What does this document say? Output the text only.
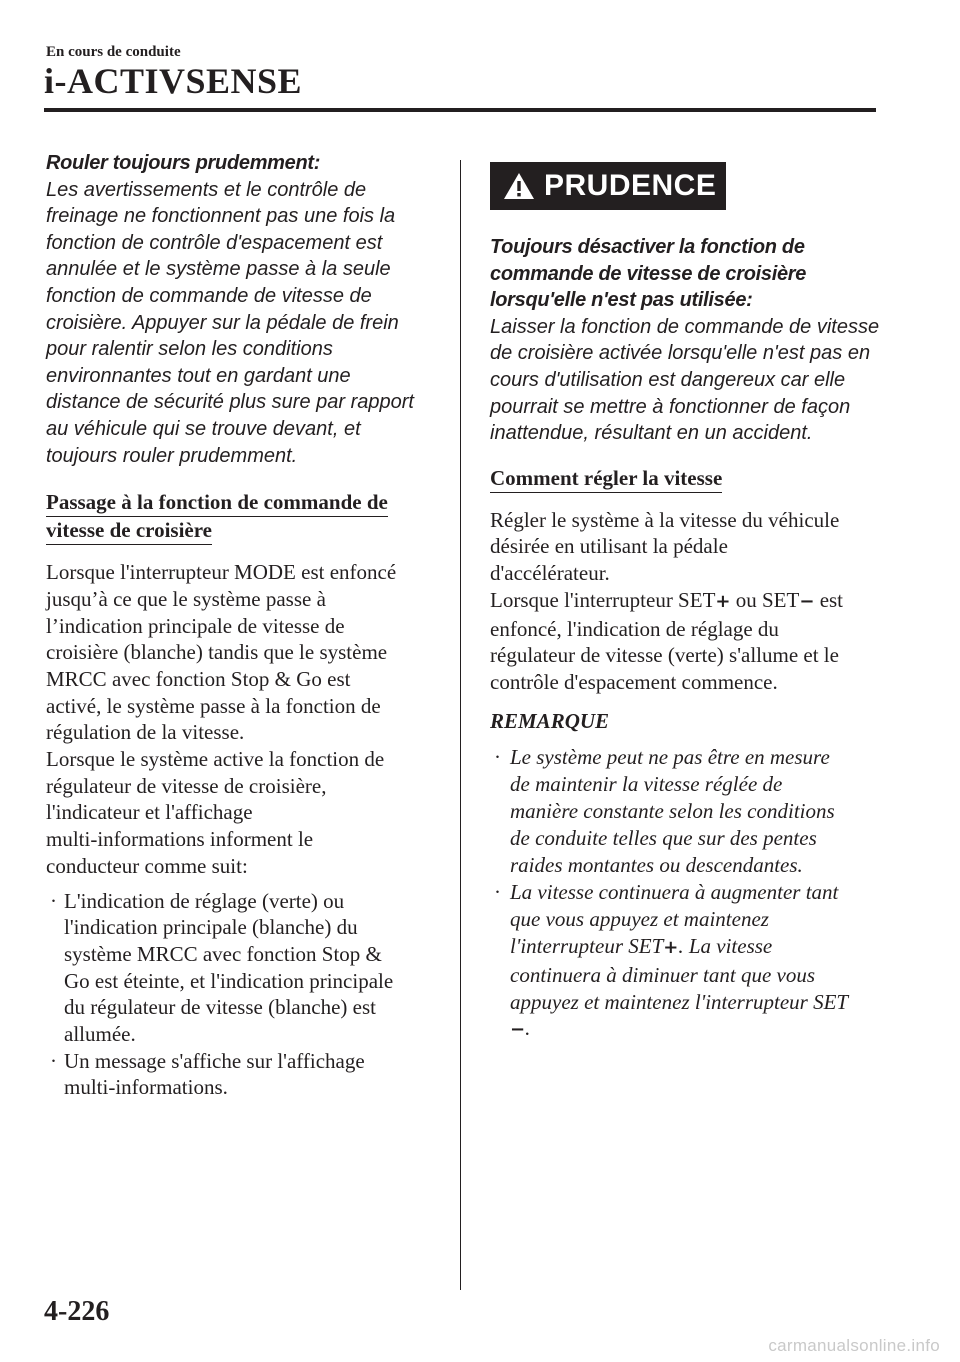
En cours de conduite
i-ACTIVSENSE

Rouler toujours prudemment:

Les avertissements et le contrôle de
freinage ne fonctionnent pas une fois la
fonction de contrôle d'espacement est
annulée et le système passe à la seule
fonction de commande de vitesse de
croisière. Appuyer sur la pédale de frein
pour ralentir selon les conditions
environnantes tout en gardant une
distance de sécurité plus sure par rapport
au véhicule qui se trouve devant, et
toujours rouler prudemment.

Passage à la fonction de commande de
vitesse de croisière

Lorsque l'interrupteur MODE est enfoncé
jusqu’à ce que le système passe à
l’indication principale de vitesse de
croisière (blanche) tandis que le système
MRCC avec fonction Stop & Go est
activé, le système passe à la fonction de
régulation de la vitesse.
Lorsque le système active la fonction de
régulateur de vitesse de croisière,
l'indicateur et l'affichage
multi-informations informent le
conducteur comme suit:

· L'indication de réglage (verte) ou
l'indication principale (blanche) du
système MRCC avec fonction Stop &
Go est éteinte, et l'indication principale
du régulateur de vitesse (blanche) est
allumée.
· Un message s'affiche sur l'affichage
multi-informations.
PRUDENCE

Toujours désactiver la fonction de
commande de vitesse de croisière
lorsqu'elle n'est pas utilisée:

Laisser la fonction de commande de vitesse
de croisière activée lorsqu'elle n'est pas en
cours d'utilisation est dangereux car elle
pourrait se mettre à fonctionner de façon
inattendue, résultant en un accident.

Comment régler la vitesse

Régler le système à la vitesse du véhicule
désirée en utilisant la pédale
d'accélérateur.
Lorsque l'interrupteur SET+ ou SET− est
enfoncé, l'indication de réglage du
régulateur de vitesse (verte) s'allume et le
contrôle d'espacement commence.

REMARQUE

· Le système peut ne pas être en mesure
de maintenir la vitesse réglée de
manière constante selon les conditions
de conduite telles que sur des pentes
raides montantes ou descendantes.
· La vitesse continuera à augmenter tant
que vous appuyez et maintenez
l'interrupteur SET+. La vitesse
continuera à diminuer tant que vous
appuyez et maintenez l'interrupteur SET
−.
4-226
carmanualsonline.info
